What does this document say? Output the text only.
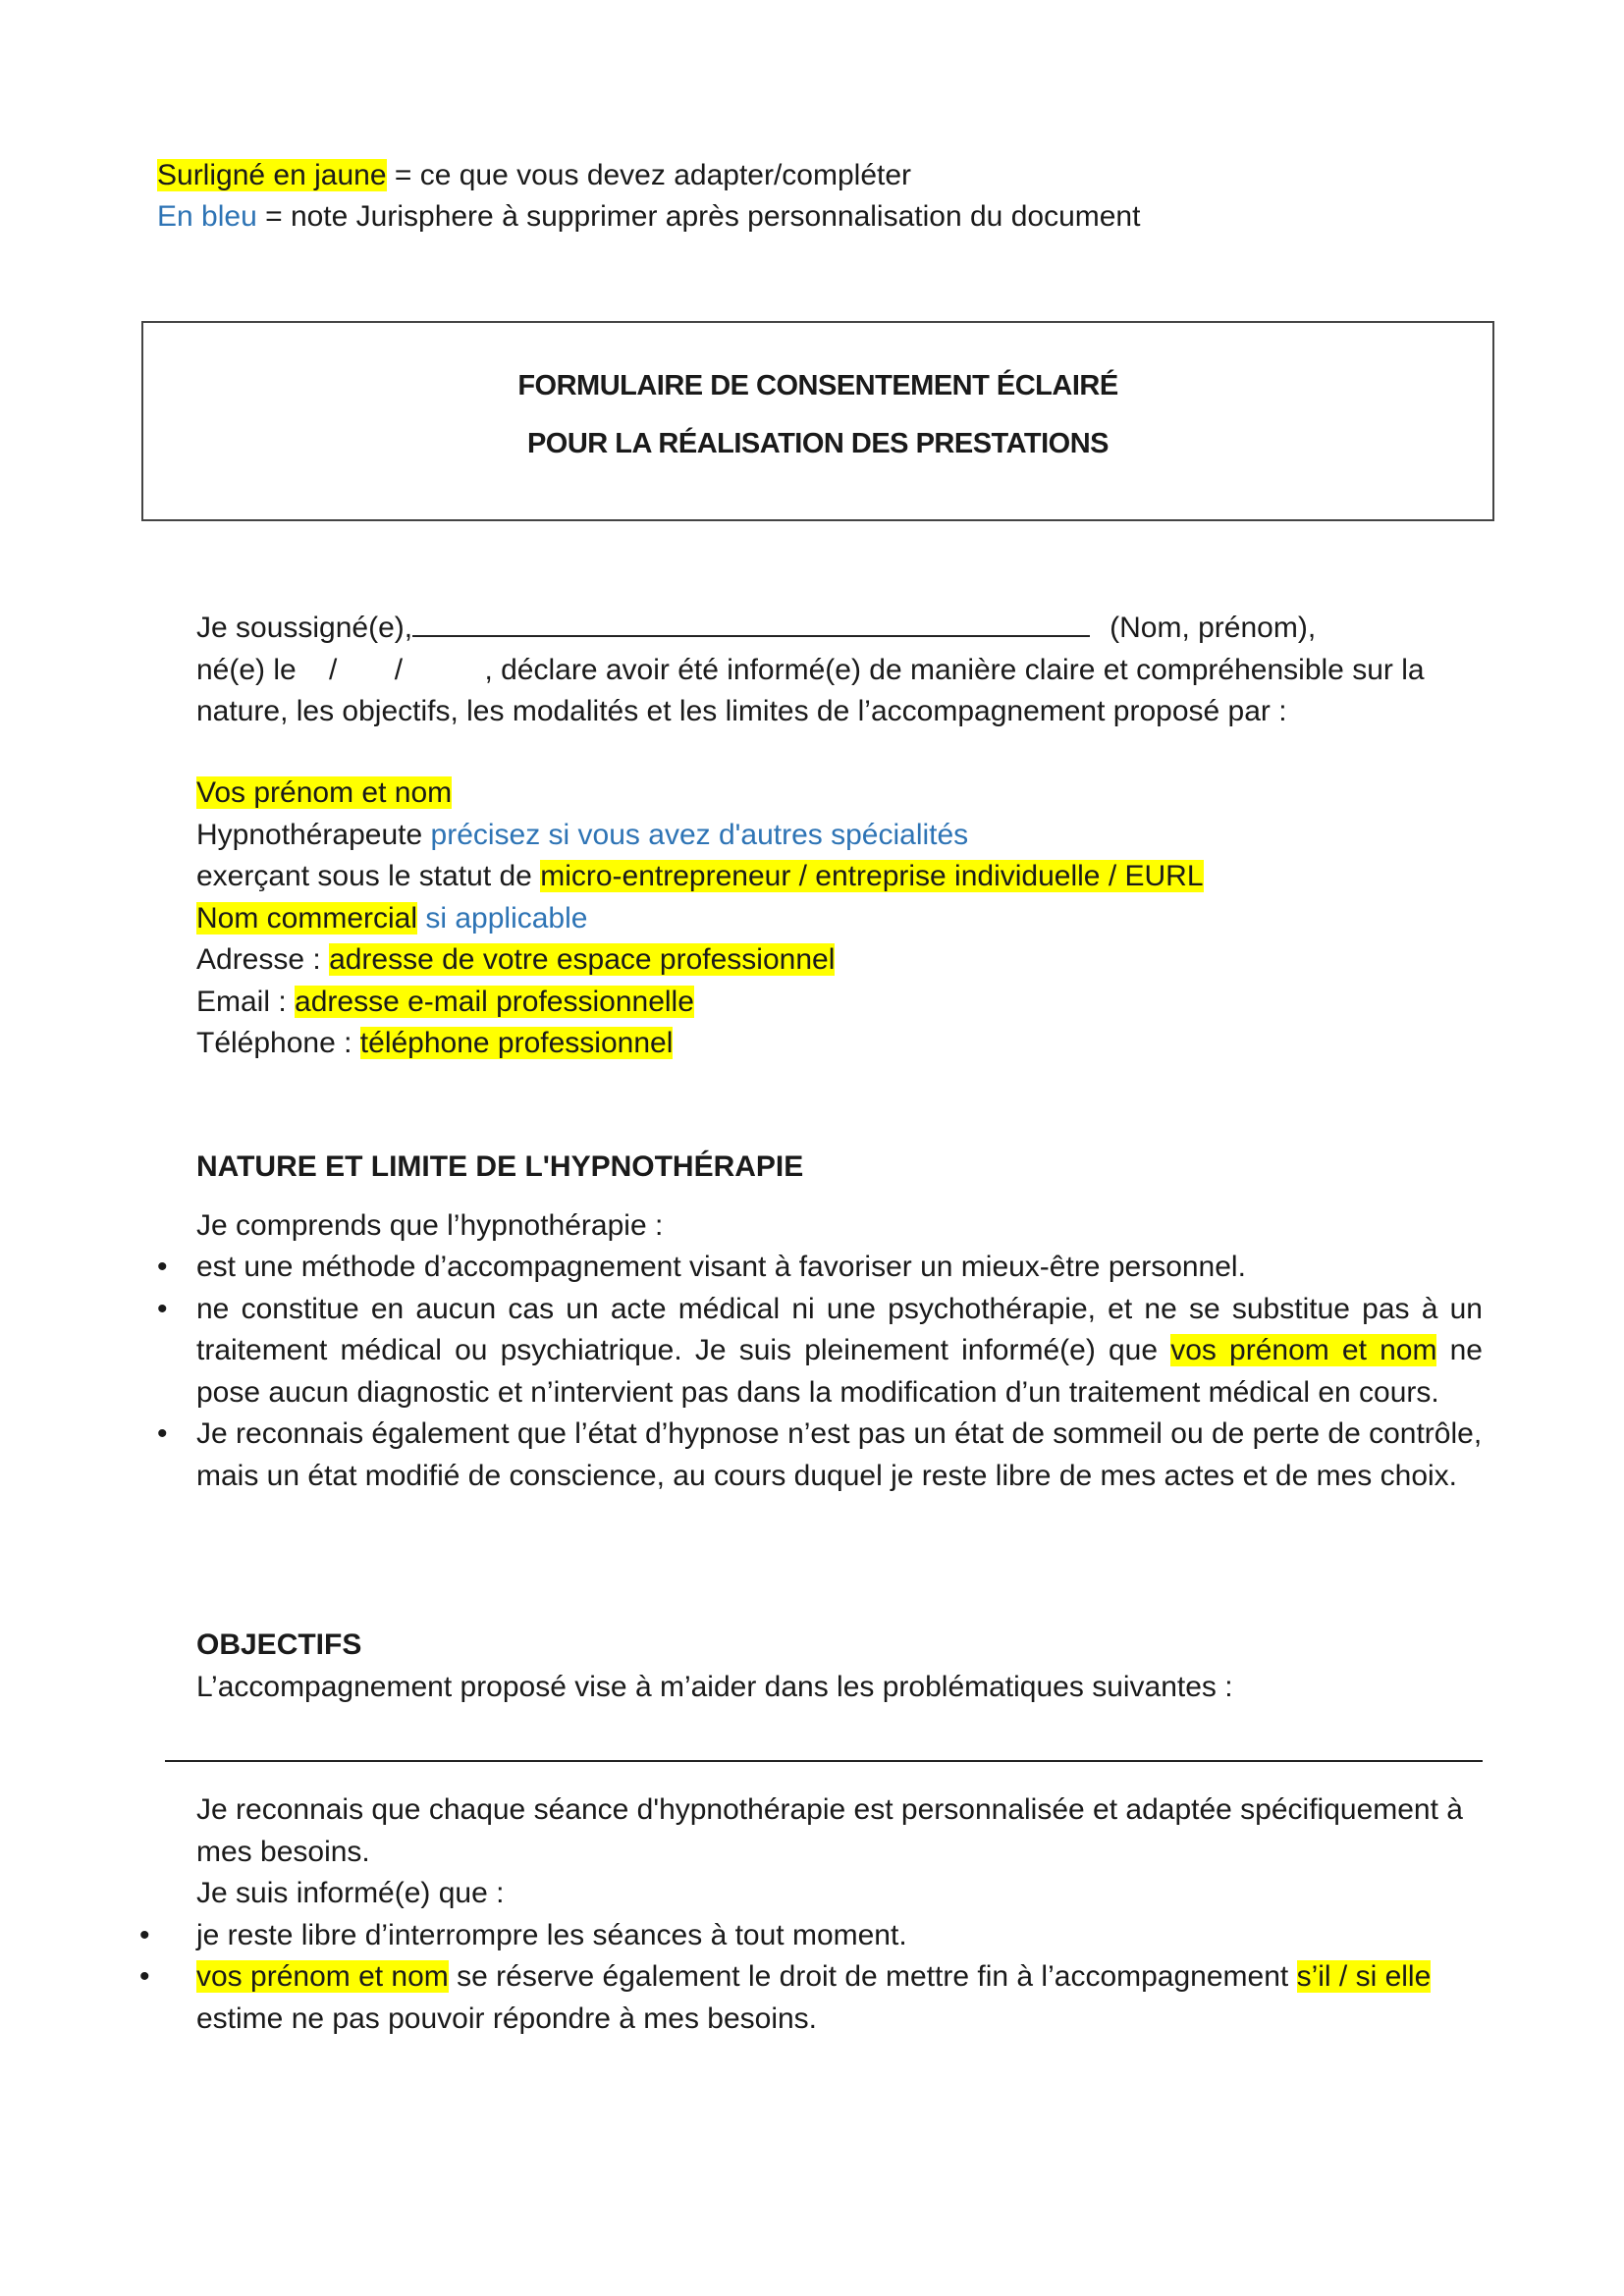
Surligné en jaune = ce que vous devez adapter/compléter
En bleu = note Jurisphere à supprimer après personnalisation du document
FORMULAIRE DE CONSENTEMENT ÉCLAIRÉ
POUR LA RÉALISATION DES PRESTATIONS
Je soussigné(e),	(Nom, prénom),
né(e) le    /       /          , déclare avoir été informé(e) de manière claire et compréhensible sur la
nature, les objectifs, les modalités et les limites de l’accompagnement proposé par :
Vos prénom et nom
Hypnothérapeute précisez si vous avez d'autres spécialités
exerçant sous le statut de micro-entrepreneur / entreprise individuelle / EURL
Nom commercial si applicable
Adresse : adresse de votre espace professionnel
Email : adresse e-mail professionnelle
Téléphone : téléphone professionnel
NATURE ET LIMITE DE L'HYPNOTHÉRAPIE
Je comprends que l’hypnothérapie :
• est une méthode d’accompagnement visant à favoriser un mieux-être personnel.
• ne constitue en aucun cas un acte médical ni une psychothérapie, et ne se substitue pas à un traitement médical ou psychiatrique. Je suis pleinement informé(e) que vos prénom et nom ne pose aucun diagnostic et n’intervient pas dans la modification d’un traitement médical en cours.
• Je reconnais également que l’état d’hypnose n’est pas un état de sommeil ou de perte de contrôle, mais un état modifié de conscience, au cours duquel je reste libre de mes actes et de mes choix.
OBJECTIFS
L’accompagnement proposé vise à m’aider dans les problématiques suivantes :
Je reconnais que chaque séance d'hypnothérapie est personnalisée et adaptée spécifiquement à mes besoins.
Je suis informé(e) que :
• je reste libre d’interrompre les séances à tout moment.
• vos prénom et nom se réserve également le droit de mettre fin à l’accompagnement s’il / si elle estime ne pas pouvoir répondre à mes besoins.
